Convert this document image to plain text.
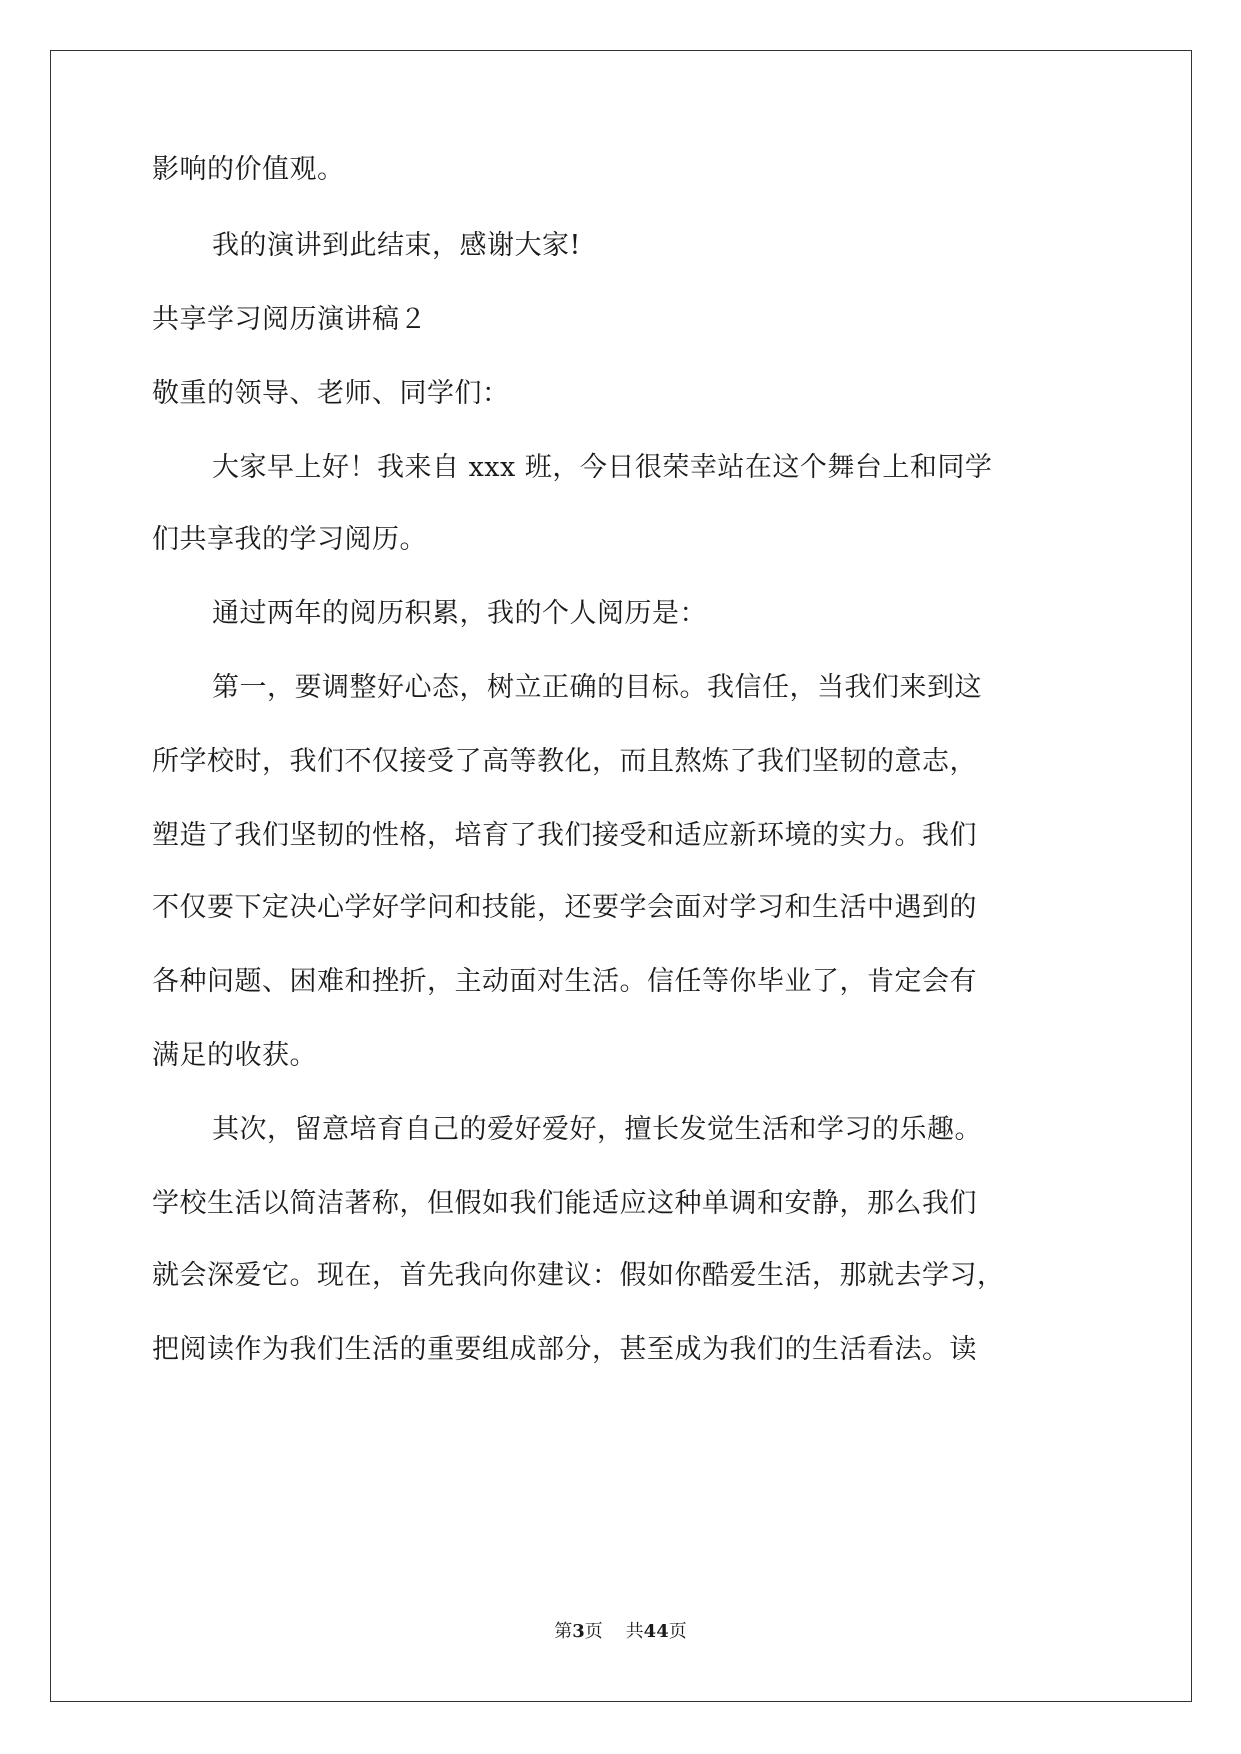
影响的价值观。
我的演讲到此结束，感谢大家!
共享学习阅历演讲稿２
敬重的领导、老师、同学们：
大家早上好！我来自 xxx 班，今日很荣幸站在这个舞台上和同学
们共享我的学习阅历。
通过两年的阅历积累，我的个人阅历是：
第一，要调整好心态，树立正确的目标。我信任，当我们来到这
所学校时，我们不仅接受了高等教化，而且熬炼了我们坚韧的意志，
塑造了我们坚韧的性格，培育了我们接受和适应新环境的实力。我们
不仅要下定决心学好学问和技能，还要学会面对学习和生活中遇到的
各种问题、困难和挫折，主动面对生活。信任等你毕业了，肯定会有
满足的收获。
其次，留意培育自己的爱好爱好，擅长发觉生活和学习的乐趣。
学校生活以简洁著称，但假如我们能适应这种单调和安静，那么我们
就会深爱它。现在，首先我向你建议：假如你酷爱生活，那就去学习，
把阅读作为我们生活的重要组成部分，甚至成为我们的生活看法。读
第3页 共44页
